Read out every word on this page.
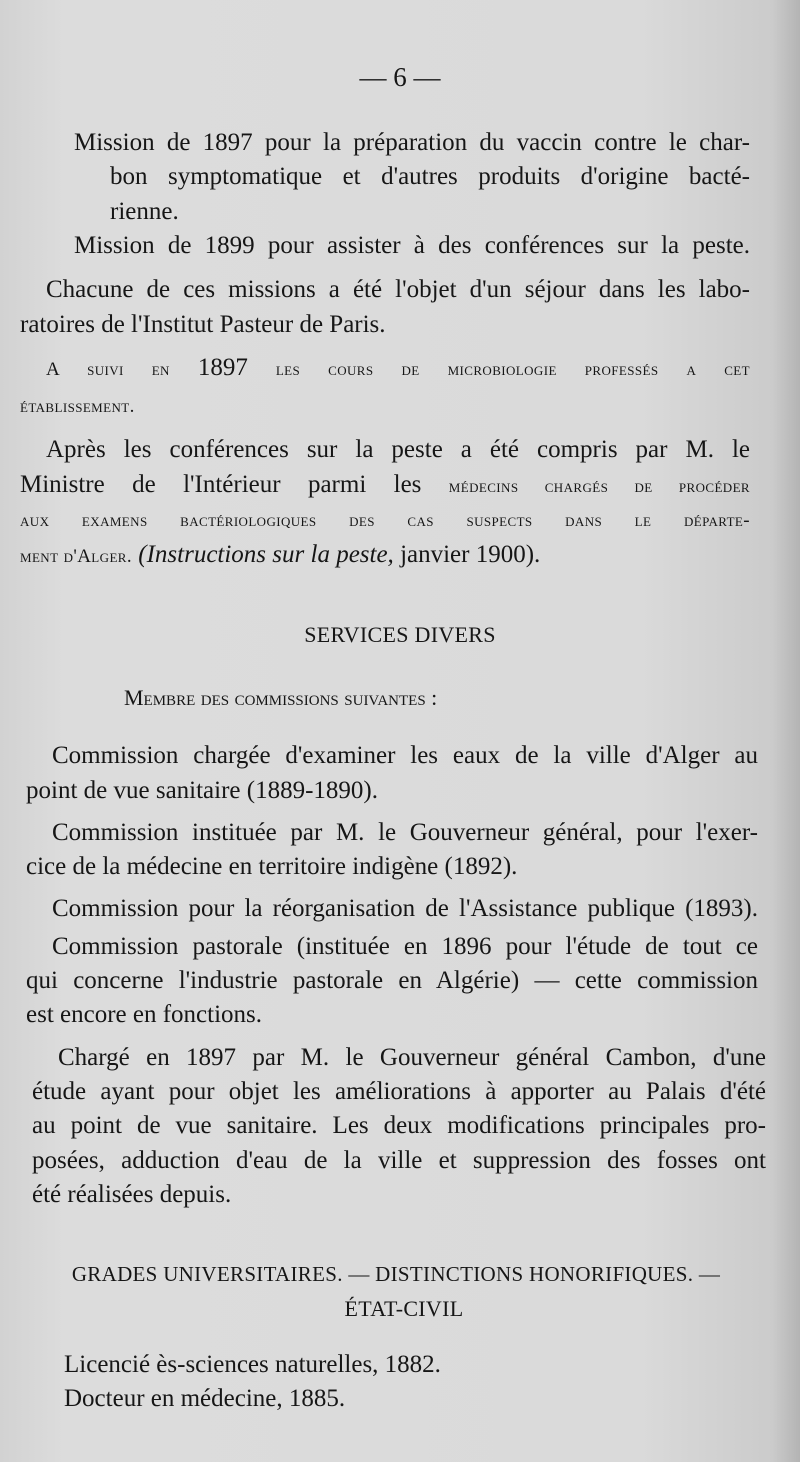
— 6 —
Mission de 1897 pour la préparation du vaccin contre le char-
bon symptomatique et d'autres produits d'origine bacté-
rienne.
Mission de 1899 pour assister à des conférences sur la peste.
Chacune de ces missions a été l'objet d'un séjour dans les labo-
ratoires de l'Institut Pasteur de Paris.
A suivi en 1897 les cours de microbiologie professés a cet
établissement.
Après les conférences sur la peste a été compris par M. le
Ministre de l'Intérieur parmi les médecins chargés de procéder
aux examens bactériologiques des cas suspects dans le départe-
ment d'Alger. (Instructions sur la peste, janvier 1900).
SERVICES DIVERS
Membre des commissions suivantes :
Commission chargée d'examiner les eaux de la ville d'Alger au
point de vue sanitaire (1889-1890).
Commission instituée par M. le Gouverneur général, pour l'exer-
cice de la médecine en territoire indigène (1892).
Commission pour la réorganisation de l'Assistance publique (1893).
Commission pastorale (instituée en 1896 pour l'étude de tout ce
qui concerne l'industrie pastorale en Algérie) — cette commission
est encore en fonctions.
Chargé en 1897 par M. le Gouverneur général Cambon, d'une
étude ayant pour objet les améliorations à apporter au Palais d'été
au point de vue sanitaire. Les deux modifications principales pro-
posées, adduction d'eau de la ville et suppression des fosses ont
été réalisées depuis.
GRADES UNIVERSITAIRES. — DISTINCTIONS HONORIFIQUES. —
ÉTAT-CIVIL
Licencié ès-sciences naturelles, 1882.
Docteur en médecine, 1885.
